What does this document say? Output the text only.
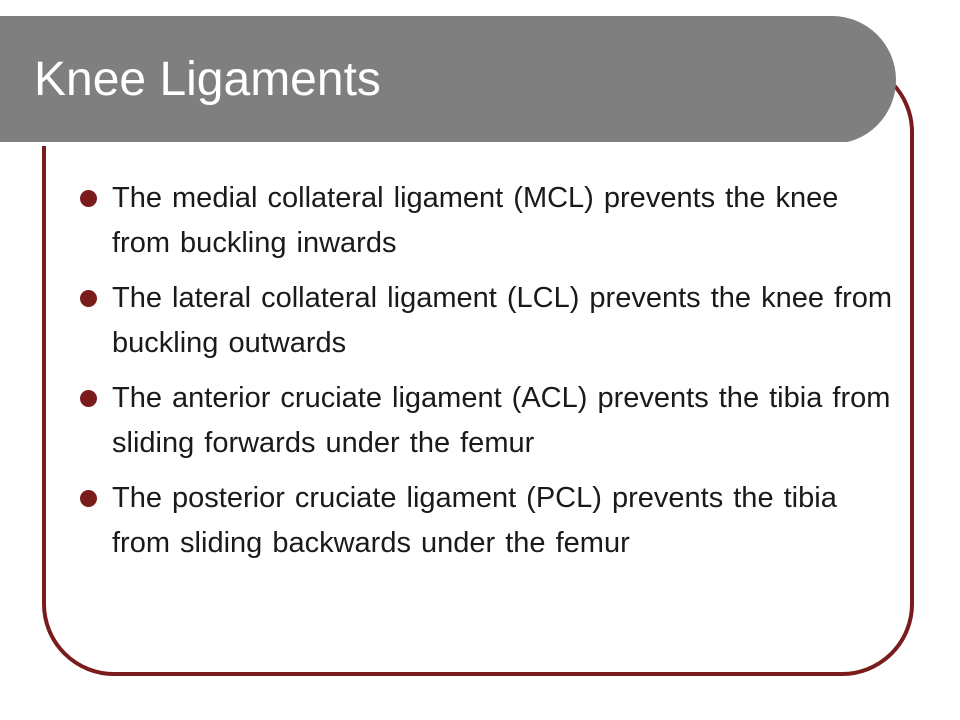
Knee Ligaments
The medial collateral ligament (MCL) prevents the knee from buckling inwards
The lateral collateral ligament (LCL) prevents the knee from buckling outwards
The anterior cruciate ligament (ACL) prevents the tibia from sliding forwards under the femur
The posterior cruciate ligament (PCL) prevents the tibia from sliding backwards under the femur
